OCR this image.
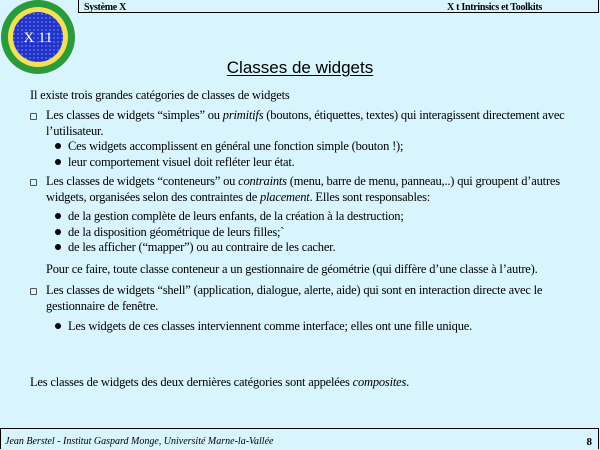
Système X	X t Intrinsics et Toolkits
X 11
Classes de widgets
Il existe trois grandes catégories de classes de widgets
Les classes de widgets “simples” ou primitifs (boutons, étiquettes, textes) qui interagissent directement avec l’utilisateur.
Ces widgets accomplissent en général une fonction simple (bouton !);
leur comportement visuel doit refléter leur état.
Les classes de widgets “conteneurs” ou contraints (menu, barre de menu, panneau,..) qui groupent d’autres widgets, organisées selon des contraintes de placement. Elles sont responsables:
de la gestion complète de leurs enfants, de la création à la destruction;
de la disposition géométrique de leurs filles;`
de les afficher (“mapper”) ou au contraire de les cacher.
Pour ce faire, toute classe conteneur a un gestionnaire de géométrie (qui diffère d’une classe à l’autre).
Les classes de widgets “shell” (application, dialogue, alerte, aide) qui sont en interaction directe avec le gestionnaire de fenêtre.
Les widgets de ces classes interviennent comme interface; elles ont une fille unique.
Les classes de widgets des deux dernières catégories sont appelées composites.
Jean Berstel - Institut Gaspard Monge, Université Marne-la-Vallée	8
